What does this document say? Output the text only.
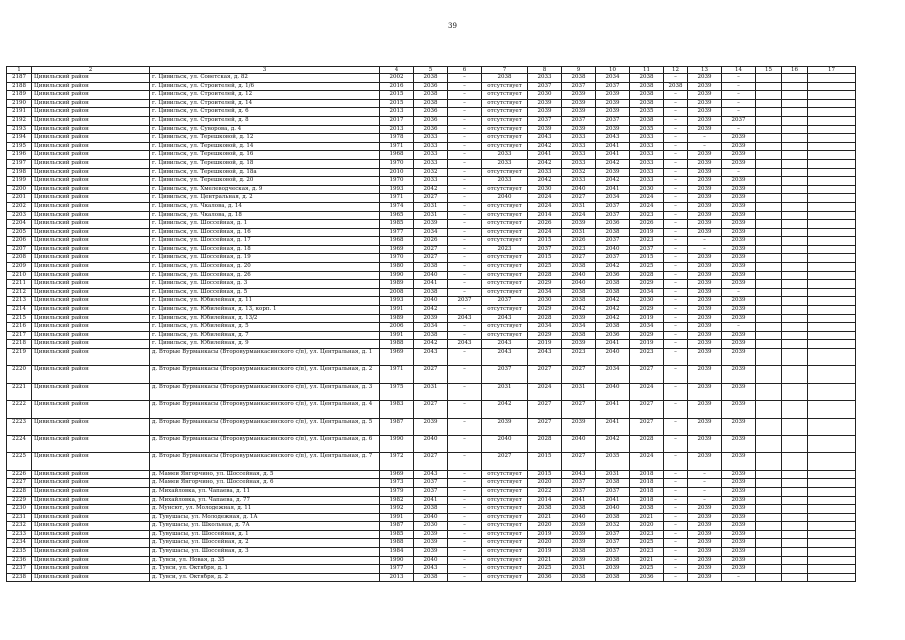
39
1	2	3	4	5	6	7	8	9	10	11	12	13	14	15	16	17
2187	Цивильский район	г. Цивильск, ул. Советская, д. 82	2002	2038	–	2038	2033	2038	2034	2038	–	2039	–			
2188	Цивильский район	г. Цивильск, ул. Строителей, д. 1/6	2016	2036	–	отсутствует	2037	2037	2037	2038	2038	2039	–			
2189	Цивильский район	г. Цивильск, ул. Строителей, д. 12	2015	2038	–	отсутствует	2030	2039	2039	2038	–	2039	–			
2190	Цивильский район	г. Цивильск, ул. Строителей, д. 14	2015	2038	–	отсутствует	2039	2039	2039	2038	–	2039	–			
2191	Цивильский район	г. Цивильск, ул. Строителей, д. 6	2013	2036	–	отсутствует	2039	2039	2039	2035	–	2039	–			
2192	Цивильский район	г. Цивильск, ул. Строителей, д. 8	2017	2036	–	отсутствует	2037	2037	2037	2038	–	2039	2037			
2193	Цивильский район	г. Цивильск, ул. Суворова, д. 4	2013	2036	–	отсутствует	2039	2039	2039	2035	–	2039	–			
2194	Цивильский район	г. Цивильск, ул. Терешковой, д. 12	1978	2033	–	отсутствует	2043	2033	2043	2033	–	–	2039			
2195	Цивильский район	г. Цивильск, ул. Терешковой, д. 14	1971	2033	–	отсутствует	2042	2033	2041	2033	–	–	2039			
2196	Цивильский район	г. Цивильск, ул. Терешковой, д. 16	1968	2033	–	2033	2041	2033	2041	2033	–	2039	2039			
2197	Цивильский район	г. Цивильск, ул. Терешковой, д. 18	1970	2033	–	2033	2042	2033	2042	2033	–	2039	2039			
2198	Цивильский район	г. Цивильск, ул. Терешковой, д. 18а	2010	2032	–	отсутствует	2033	2032	2039	2033	–	2039	–			
2199	Цивильский район	г. Цивильск, ул. Терешковой, д. 20	1970	2033	–	2033	2042	2033	2042	2033	–	2039	2039			
2200	Цивильский район	г. Цивильск, ул. Хмелеводческая, д. 9	1993	2042	–	отсутствует	2030	2040	2041	2030	–	2039	2039			
2201	Цивильский район	г. Цивильск, ул. Центральная, д. 2	1971	2027	–	2040	2024	2027	2034	2024	–	2039	2039			
2202	Цивильский район	г. Цивильск, ул. Чкалова, д. 14	1974	2031	–	отсутствует	2024	2031	2037	2024	–	2039	2039			
2203	Цивильский район	г. Цивильск, ул. Чкалова, д. 18	1965	2031	–	отсутствует	2014	2024	2037	2023	–	2039	2039			
2204	Цивильский район	г. Цивильск, ул. Шоссейная, д. 1	1985	2039	–	отсутствует	2026	2039	2036	2026	–	2039	2039			
2205	Цивильский район	г. Цивильск, ул. Шоссейная, д. 16	1977	2034	–	отсутствует	2024	2031	2038	2019	–	2039	2039			
2206	Цивильский район	г. Цивильск, ул. Шоссейная, д. 17	1968	2026	–	отсутствует	2015	2026	2037	2023	–	–	2039			
2207	Цивильский район	г. Цивильск, ул. Шоссейная, д. 18	1969	2027	–	2023	2037	2023	2040	2037	–	–	2039			
2208	Цивильский район	г. Цивильск, ул. Шоссейная, д. 19	1970	2027	–	отсутствует	2015	2027	2037	2015	–	2039	2039			
2209	Цивильский район	г. Цивильск, ул. Шоссейная, д. 20	1980	2038	–	отсутствует	2025	2038	2042	2025	–	2039	2039			
2210	Цивильский район	г. Цивильск, ул. Шоссейная, д. 26	1990	2040	–	отсутствует	2028	2040	2036	2028	–	2039	2039			
2211	Цивильский район	г. Цивильск, ул. Шоссейная, д. 3	1989	2041	–	отсутствует	2029	2040	2038	2029	–	2039	2039			
2212	Цивильский район	г. Цивильск, ул. Шоссейная, д. 5	2008	2038	–	отсутствует	2034	2038	2038	2034	–	2039	–			
2213	Цивильский район	г. Цивильск, ул. Юбилейная, д. 11	1993	2040	2037	2037	2030	2038	2042	2030	–	2039	2039			
2214	Цивильский район	г. Цивильск, ул. Юбилейная, д. 13, корп. 1	1991	2042	–	отсутствует	2029	2042	2042	2029	–	2039	2039			
2215	Цивильский район	г. Цивильск, ул. Юбилейная, д. 13/2	1989	2039	2043	2043	2028	2039	2042	2019	–	2039	2039			
2216	Цивильский район	г. Цивильск, ул. Юбилейная, д. 5	2006	2034	–	отсутствует	2034	2034	2038	2034	–	2039	–			
2217	Цивильский район	г. Цивильск, ул. Юбилейная, д. 7	1991	2038	–	отсутствует	2029	2038	2036	2029	–	2039	2039			
2218	Цивильский район	г. Цивильск, ул. Юбилейная, д. 9	1988	2042	2043	2043	2019	2039	2041	2019	–	2039	2039			
2219	Цивильский район	д. Вторые Вурманкасы (Второвурманкасинского с/п), ул. Центральная, д. 1	1969	2043	–	2043	2043	2023	2040	2023	–	2039	2039			
2220	Цивильский район	д. Вторые Вурманкасы (Второвурманкасинского с/п), ул. Центральная, д. 2	1971	2027	–	2037	2027	2027	2034	2027	–	2039	2039			
2221	Цивильский район	д. Вторые Вурманкасы (Второвурманкасинского с/п), ул. Центральная, д. 3	1975	2031	–	2031	2024	2031	2040	2024	–	2039	2039			
2222	Цивильский район	д. Вторые Вурманкасы (Второвурманкасинского с/п), ул. Центральная, д. 4	1983	2027	–	2042	2027	2027	2041	2027	–	2039	2039			
2223	Цивильский район	д. Вторые Вурманкасы (Второвурманкасинского с/п), ул. Центральная, д. 5	1987	2039	–	2039	2027	2039	2041	2027	–	2039	2039			
2224	Цивильский район	д. Вторые Вурманкасы (Второвурманкасинского с/п), ул. Центральная, д. 6	1990	2040	–	2040	2028	2040	2042	2028	–	2039	2039			
2225	Цивильский район	д. Вторые Вурманкасы (Второвурманкасинского с/п), ул. Центральная, д. 7	1972	2027	–	2027	2015	2027	2035	2024	–	2039	2039			
2226	Цивильский район	д. Мамеи Янгорчино, ул. Шоссейная, д. 5	1969	2043	–	отсутствует	2015	2043	2031	2018	–	–	2039			
2227	Цивильский район	д. Мамеи Янгорчино, ул. Шоссейная, д. 6	1973	2037	–	отсутствует	2020	2037	2038	2018	–	–	2039			
2228	Цивильский район	д. Михайловка, ул. Чапаева, д. 11	1979	2037	–	отсутствует	2022	2037	2037	2018	–	–	2039			
2229	Цивильский район	д. Михайловка, ул. Чапаева, д. 77	1982	2041	–	отсутствует	2014	2041	2041	2018	–	–	2039			
2230	Цивильский район	д. Мунсют, ул. Молодежная, д. 11	1992	2038	–	отсутствует	2038	2038	2040	2038	–	2039	2039			
2231	Цивильский район	д. Тувушасы, ул. Молодежная, д. 1А	1991	2040	–	отсутствует	2021	2040	2038	2021	–	2039	2039			
2232	Цивильский район	д. Тувушасы, ул. Школьная, д. 7А	1987	2030	–	отсутствует	2020	2039	2032	2020	–	2039	2039			
2233	Цивильский район	д. Тувушасы, ул. Шоссейная, д. 1	1985	2039	–	отсутствует	2019	2039	2037	2023	–	2039	2039			
2234	Цивильский район	д. Тувушасы, ул. Шоссейная, д. 2	1988	2039	–	отсутствует	2020	2039	2037	2025	–	2039	2039			
2235	Цивильский район	д. Тувушасы, ул. Шоссейная, д. 3	1984	2039	–	отсутствует	2019	2038	2037	2023	–	2039	2039			
2236	Цивильский район	д. Тувси, ул. Новая, д. 35	1990	2040	–	отсутствует	2021	2039	2038	2021	–	2039	2039			
2237	Цивильский район	д. Тувси, ул. Октября, д. 1	1977	2043	–	отсутствует	2025	2031	2039	2025	–	2039	2039			
2238	Цивильский район	д. Тувси, ул. Октября, д. 2	2013	2038	–	отсутствует	2036	2038	2038	2036	–	2039	–			
